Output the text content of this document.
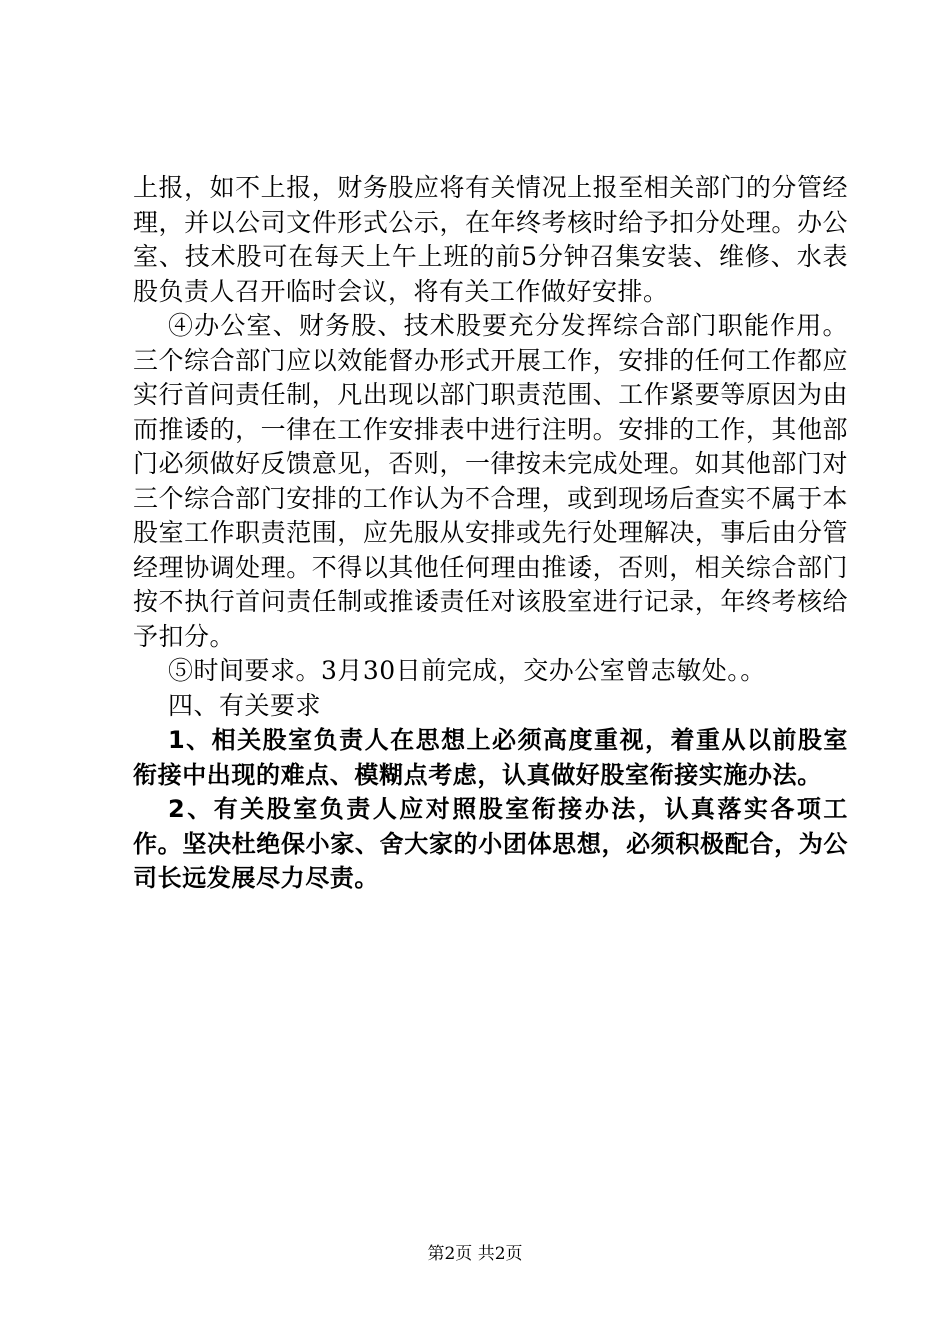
上报，如不上报，财务股应将有关情况上报至相关部门的分管经理，并以公司文件形式公示，在年终考核时给予扣分处理。办公室、技术股可在每天上午上班的前5分钟召集安装、维修、水表股负责人召开临时会议，将有关工作做好安排。

④办公室、财务股、技术股要充分发挥综合部门职能作用。三个综合部门应以效能督办形式开展工作，安排的任何工作都应实行首问责任制，凡出现以部门职责范围、工作紧要等原因为由而推诿的，一律在工作安排表中进行注明。安排的工作，其他部门必须做好反馈意见，否则，一律按未完成处理。如其他部门对三个综合部门安排的工作认为不合理，或到现场后查实不属于本股室工作职责范围，应先服从安排或先行处理解决，事后由分管经理协调处理。不得以其他任何理由推诿，否则，相关综合部门按不执行首问责任制或推诿责任对该股室进行记录，年终考核给予扣分。

⑤时间要求。3月30日前完成，交办公室曾志敏处。。

四、有关要求

1、相关股室负责人在思想上必须高度重视，着重从以前股室衔接中出现的难点、模糊点考虑，认真做好股室衔接实施办法。

2、有关股室负责人应对照股室衔接办法，认真落实各项工作。坚决杜绝保小家、舍大家的小团体思想，必须积极配合，为公司长远发展尽力尽责。

第2页 共2页
